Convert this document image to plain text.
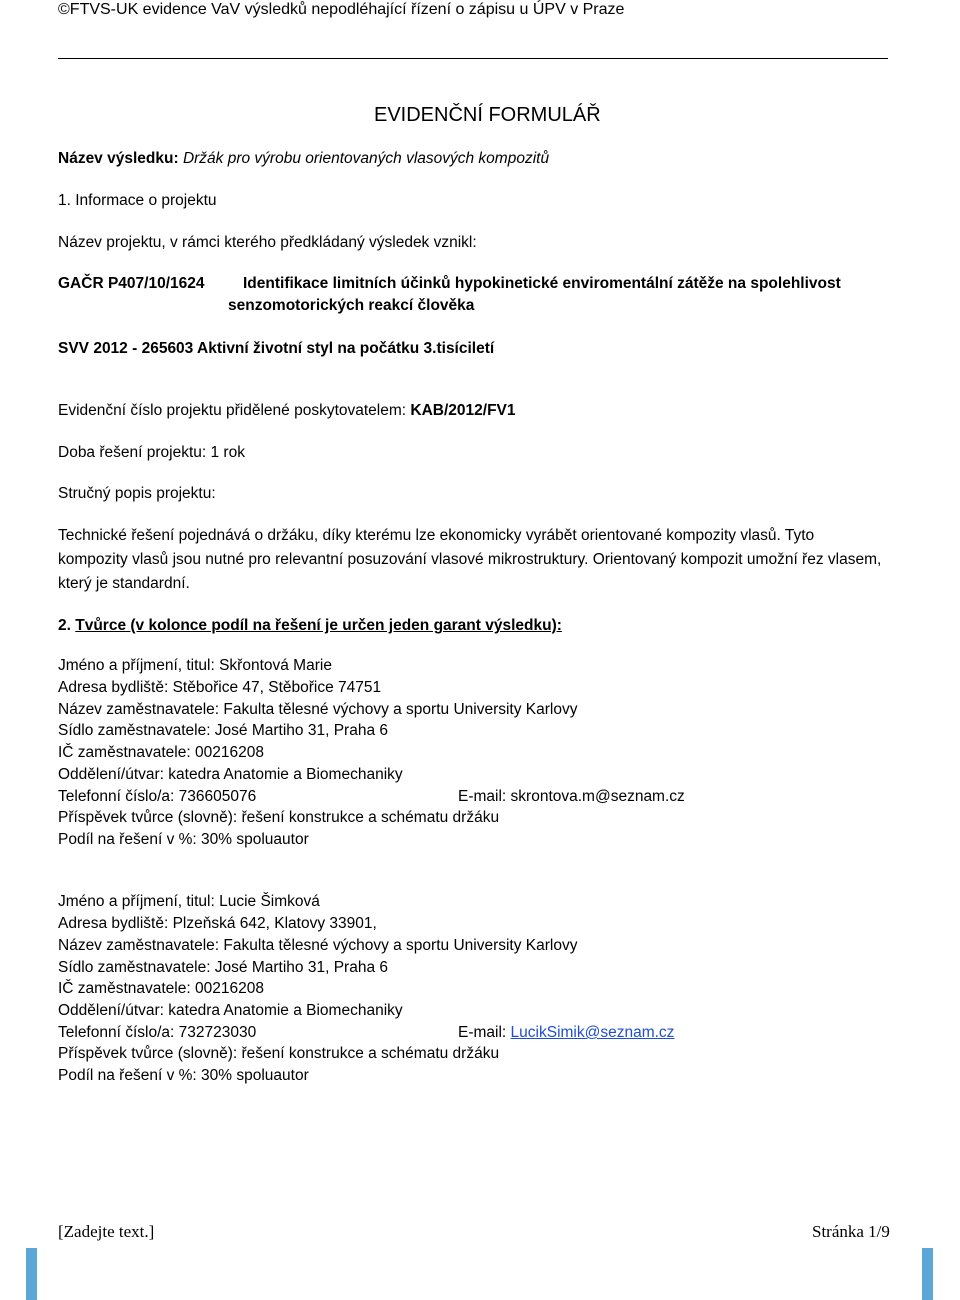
©FTVS-UK evidence VaV výsledků nepodléhající řízení o zápisu u ÚPV v Praze
EVIDENČNÍ FORMULÁŘ
Název výsledku: Držák pro výrobu orientovaných vlasových kompozitů
1. Informace o projektu
Název projektu, v rámci kterého předkládaný výsledek vznikl:
GAČR P407/10/1624 Identifikace limitních účinků hypokinetické enviromentální zátěže na spolehlivost
senzomotorických reakcí člověka
SVV 2012 - 265603 Aktivní životní styl na počátku 3.tisíciletí
Evidenční číslo projektu přidělené poskytovatelem: KAB/2012/FV1
Doba řešení projektu: 1 rok
Stručný popis projektu:
Technické řešení pojednává o držáku, díky kterému lze ekonomicky vyrábět orientované kompozity vlasů. Tyto kompozity vlasů jsou nutné pro relevantní posuzování vlasové mikrostruktury. Orientovaný kompozit umožní řez vlasem, který je standardní.
2. Tvůrce (v kolonce podíl na řešení je určen jeden garant výsledku):
Jméno a příjmení, titul: Skřontová Marie
Adresa bydliště: Stěbořice 47, Stěbořice 74751
Název zaměstnavatele: Fakulta tělesné výchovy a sportu University Karlovy
Sídlo zaměstnavatele: José Martiho 31, Praha 6
IČ zaměstnavatele: 00216208
Oddělení/útvar: katedra Anatomie a Biomechaniky
Telefonní číslo/a: 736605076	E-mail: skrontova.m@seznam.cz
Příspěvek tvůrce (slovně): řešení konstrukce a schématu držáku
Podíl na řešení v %: 30% spoluautor
Jméno a příjmení, titul: Lucie Šimková
Adresa bydliště: Plzeňská 642, Klatovy 33901,
Název zaměstnavatele: Fakulta tělesné výchovy a sportu University Karlovy
Sídlo zaměstnavatele: José Martiho 31, Praha 6
IČ zaměstnavatele: 00216208
Oddělení/útvar: katedra Anatomie a Biomechaniky
Telefonní číslo/a: 732723030	E-mail: LucikSimik@seznam.cz
Příspěvek tvůrce (slovně): řešení konstrukce a schématu držáku
Podíl na řešení v %: 30% spoluautor
[Zadejte text.]	Stránka 1/9
